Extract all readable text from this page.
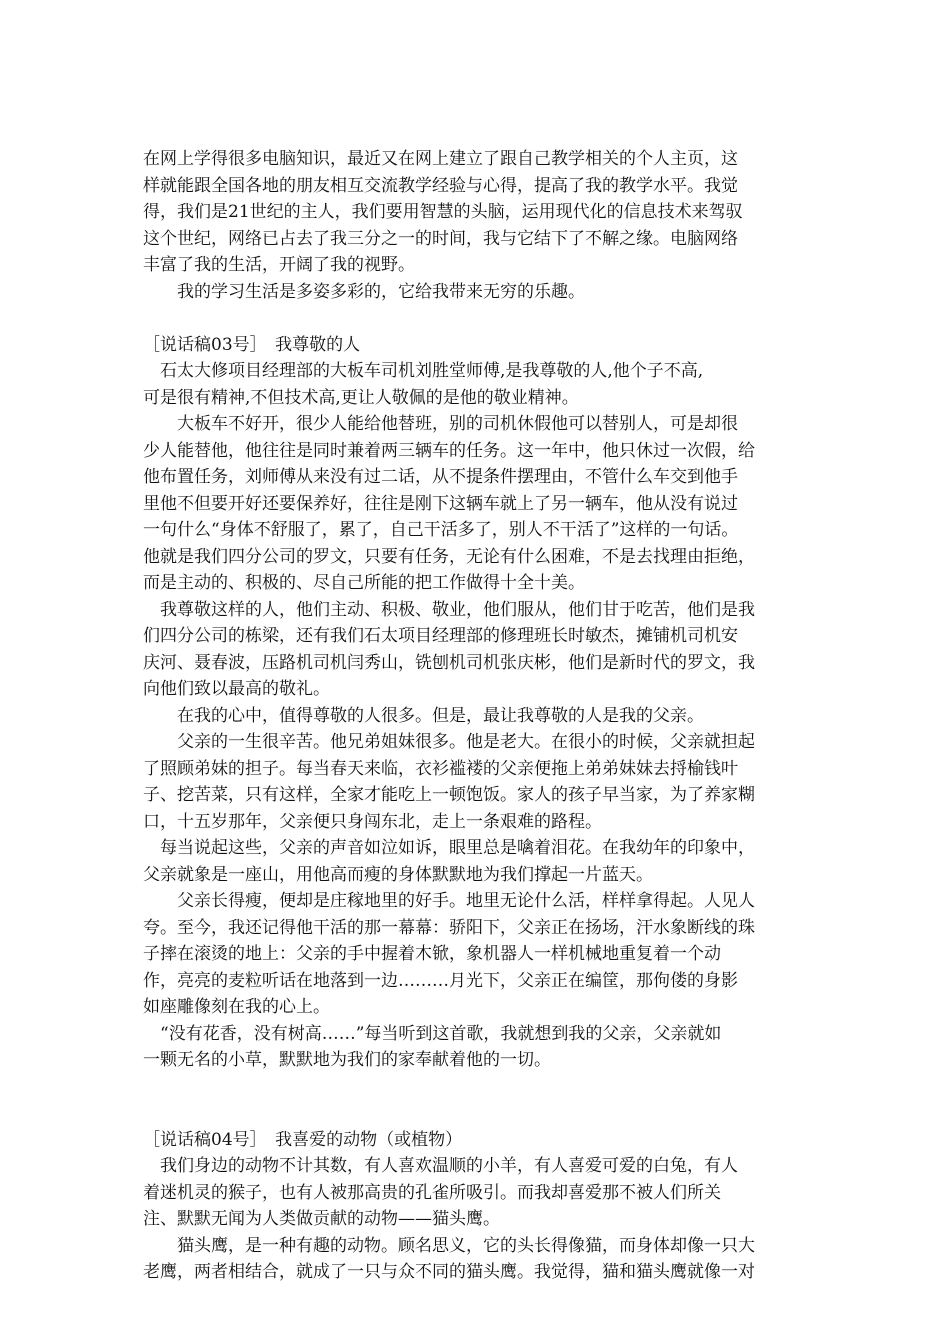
在网上学得很多电脑知识，最近又在网上建立了跟自己教学相关的个人主页，这
样就能跟全国各地的朋友相互交流教学经验与心得，提高了我的教学水平。我觉
得，我们是21世纪的主人，我们要用智慧的头脑，运用现代化的信息技术来驾驭
这个世纪，网络已占去了我三分之一的时间，我与它结下了不解之缘。电脑网络
丰富了我的生活，开阔了我的视野。
　　我的学习生活是多姿多彩的，它给我带来无穷的乐趣。
［说话稿03号］　我尊敬的人
　石太大修项目经理部的大板车司机刘胜堂师傅,是我尊敬的人,他个子不高,
可是很有精神,不但技术高,更让人敬佩的是他的敬业精神。
　　大板车不好开，很少人能给他替班，别的司机休假他可以替别人，可是却很
少人能替他，他往往是同时兼着两三辆车的任务。这一年中，他只休过一次假，给
他布置任务，刘师傅从来没有过二话，从不提条件摆理由，不管什么车交到他手
里他不但要开好还要保养好，往往是刚下这辆车就上了另一辆车，他从没有说过
一句什么“身体不舒服了，累了，自己干活多了，别人不干活了”这样的一句话。
他就是我们四分公司的罗文，只要有任务，无论有什么困难，不是去找理由拒绝，
而是主动的、积极的、尽自己所能的把工作做得十全十美。
　我尊敬这样的人，他们主动、积极、敬业，他们服从，他们甘于吃苦，他们是我
们四分公司的栋梁，还有我们石太项目经理部的修理班长时敏杰，摊铺机司机安
庆河、聂春波，压路机司机闫秀山，铣刨机司机张庆彬，他们是新时代的罗文，我
向他们致以最高的敬礼。
　　在我的心中，值得尊敬的人很多。但是，最让我尊敬的人是我的父亲。
　　父亲的一生很辛苦。他兄弟姐妹很多。他是老大。在很小的时候，父亲就担起
了照顾弟妹的担子。每当春天来临，衣衫褴褛的父亲便拖上弟弟妹妹去捋榆钱叶
子、挖苦菜，只有这样，全家才能吃上一顿饱饭。家人的孩子早当家，为了养家糊
口，十五岁那年，父亲便只身闯东北，走上一条艰难的路程。
　每当说起这些，父亲的声音如泣如诉，眼里总是噙着泪花。在我幼年的印象中，
父亲就象是一座山，用他高而瘦的身体默默地为我们撑起一片蓝天。
　　父亲长得瘦，便却是庄稼地里的好手。地里无论什么活，样样拿得起。人见人
夸。至今，我还记得他干活的那一幕幕：骄阳下，父亲正在扬场，汗水象断线的珠
子摔在滚烫的地上：父亲的手中握着木锨，象机器人一样机械地重复着一个动
作，亮亮的麦粒听话在地落到一边………月光下，父亲正在编筐，那佝偻的身影
如座雕像刻在我的心上。
　“没有花香，没有树高……”每当听到这首歌，我就想到我的父亲，父亲就如
一颗无名的小草，默默地为我们的家奉献着他的一切。
［说话稿04号］　我喜爱的动物（或植物）
　我们身边的动物不计其数，有人喜欢温顺的小羊，有人喜爱可爱的白兔，有人
着迷机灵的猴子，也有人被那高贵的孔雀所吸引。而我却喜爱那不被人们所关
注、默默无闻为人类做贡献的动物——猫头鹰。
　　猫头鹰，是一种有趣的动物。顾名思义，它的头长得像猫，而身体却像一只大
老鹰，两者相结合，就成了一只与众不同的猫头鹰。我觉得，猫和猫头鹰就像一对
